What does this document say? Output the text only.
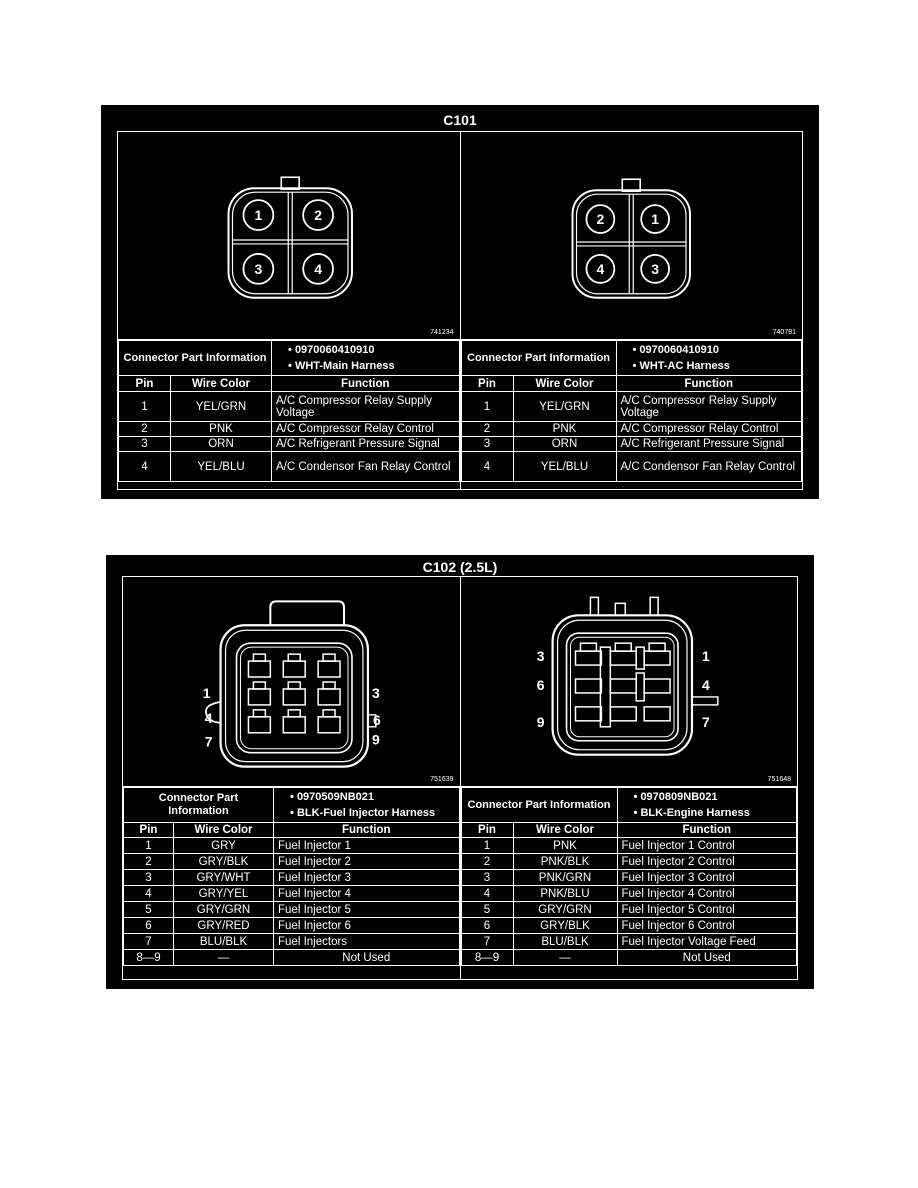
C101
1	2
3	4
741234
Connector Part Information		• 0970060410910
• WHT-Main Harness

Pin	Wire Color	Function
1	YEL/GRN	A/C Compressor Relay Supply Voltage
2	PNK	A/C Compressor Relay Control
3	ORN	A/C Refrigerant Pressure Signal
4	YEL/BLU	A/C Condensor Fan Relay Control
2	1
4	3
740781
Connector Part Information		• 0970060410910
• WHT-AC Harness

Pin	Wire Color	Function
1	YEL/GRN	A/C Compressor Relay Supply Voltage
2	PNK	A/C Compressor Relay Control
3	ORN	A/C Refrigerant Pressure Signal
4	YEL/BLU	A/C Condensor Fan Relay Control
C102 (2.5L)
1	3
4	6
7	9
751639
Connector Part Information		• 0970509NB021
• BLK-Fuel Injector Harness

Pin	Wire Color	Function
1	GRY	Fuel Injector 1
2	GRY/BLK	Fuel Injector 2
3	GRY/WHT	Fuel Injector 3
4	GRY/YEL	Fuel Injector 4
5	GRY/GRN	Fuel Injector 5
6	GRY/RED	Fuel Injector 6
7	BLU/BLK	Fuel Injectors
8—9	—	Not Used
3	1
6	4
9	7
751648
Connector Part Information		• 0970809NB021
• BLK-Engine Harness

Pin	Wire Color	Function
1	PNK	Fuel Injector 1 Control
2	PNK/BLK	Fuel Injector 2 Control
3	PNK/GRN	Fuel Injector 3 Control
4	PNK/BLU	Fuel Injector 4 Control
5	GRY/GRN	Fuel Injector 5 Control
6	GRY/BLK	Fuel Injector 6 Control
7	BLU/BLK	Fuel Injector Voltage Feed
8—9	—	Not Used
